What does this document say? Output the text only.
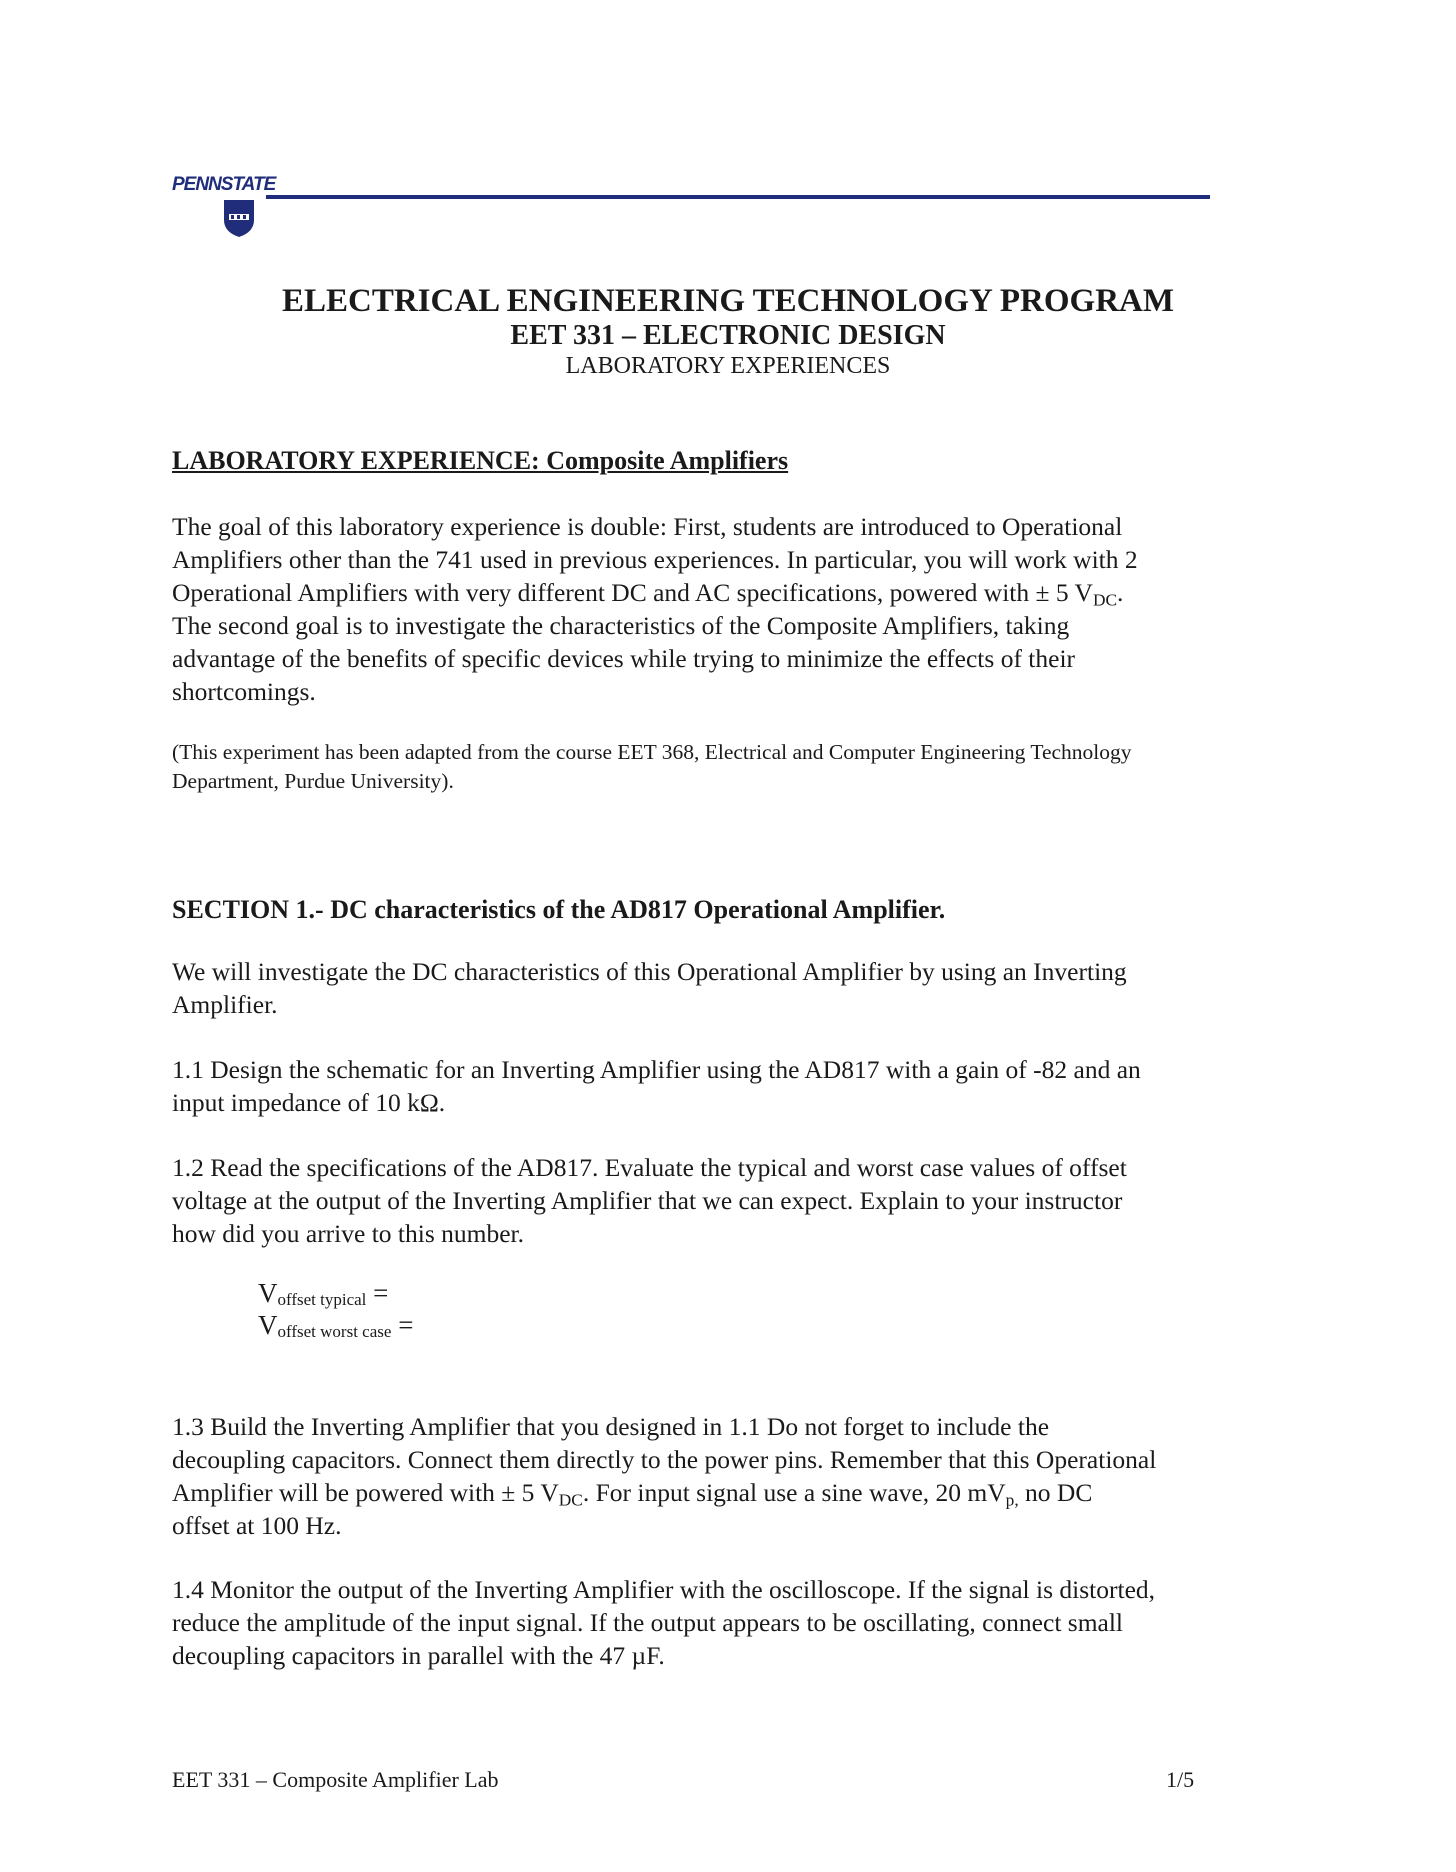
PENNSTATE
ELECTRICAL ENGINEERING TECHNOLOGY PROGRAM
EET 331 – ELECTRONIC DESIGN
LABORATORY EXPERIENCES
LABORATORY EXPERIENCE: Composite Amplifiers
The goal of this laboratory experience is double: First, students are introduced to Operational
Amplifiers other than the 741 used in previous experiences. In particular, you will work with 2
Operational Amplifiers with very different DC and AC specifications, powered with ± 5 $V_{DC}$.
The second goal is to investigate the characteristics of the Composite Amplifiers, taking
advantage of the benefits of specific devices while trying to minimize the effects of their
shortcomings.
(This experiment has been adapted from the course EET 368, Electrical and Computer Engineering Technology
Department, Purdue University).
SECTION 1.- DC characteristics of the AD817 Operational Amplifier.
We will investigate the DC characteristics of this Operational Amplifier by using an Inverting
Amplifier.
1.1 Design the schematic for an Inverting Amplifier using the AD817 with a gain of -82 and an
input impedance of 10 kΩ.
1.2 Read the specifications of the AD817. Evaluate the typical and worst case values of offset
voltage at the output of the Inverting Amplifier that we can expect. Explain to your instructor
how did you arrive to this number.
$V_{offset typical}$ =
$V_{offset worst case}$ =
1.3 Build the Inverting Amplifier that you designed in 1.1 Do not forget to include the
decoupling capacitors. Connect them directly to the power pins. Remember that this Operational
Amplifier will be powered with ± 5 $V_{DC}$. For input signal use a sine wave, 20 $mV_{p,}$ no DC
offset at 100 Hz.
1.4 Monitor the output of the Inverting Amplifier with the oscilloscope. If the signal is distorted,
reduce the amplitude of the input signal. If the output appears to be oscillating, connect small
decoupling capacitors in parallel with the 47 µF.
EET 331 – Composite Amplifier Lab	1/5
